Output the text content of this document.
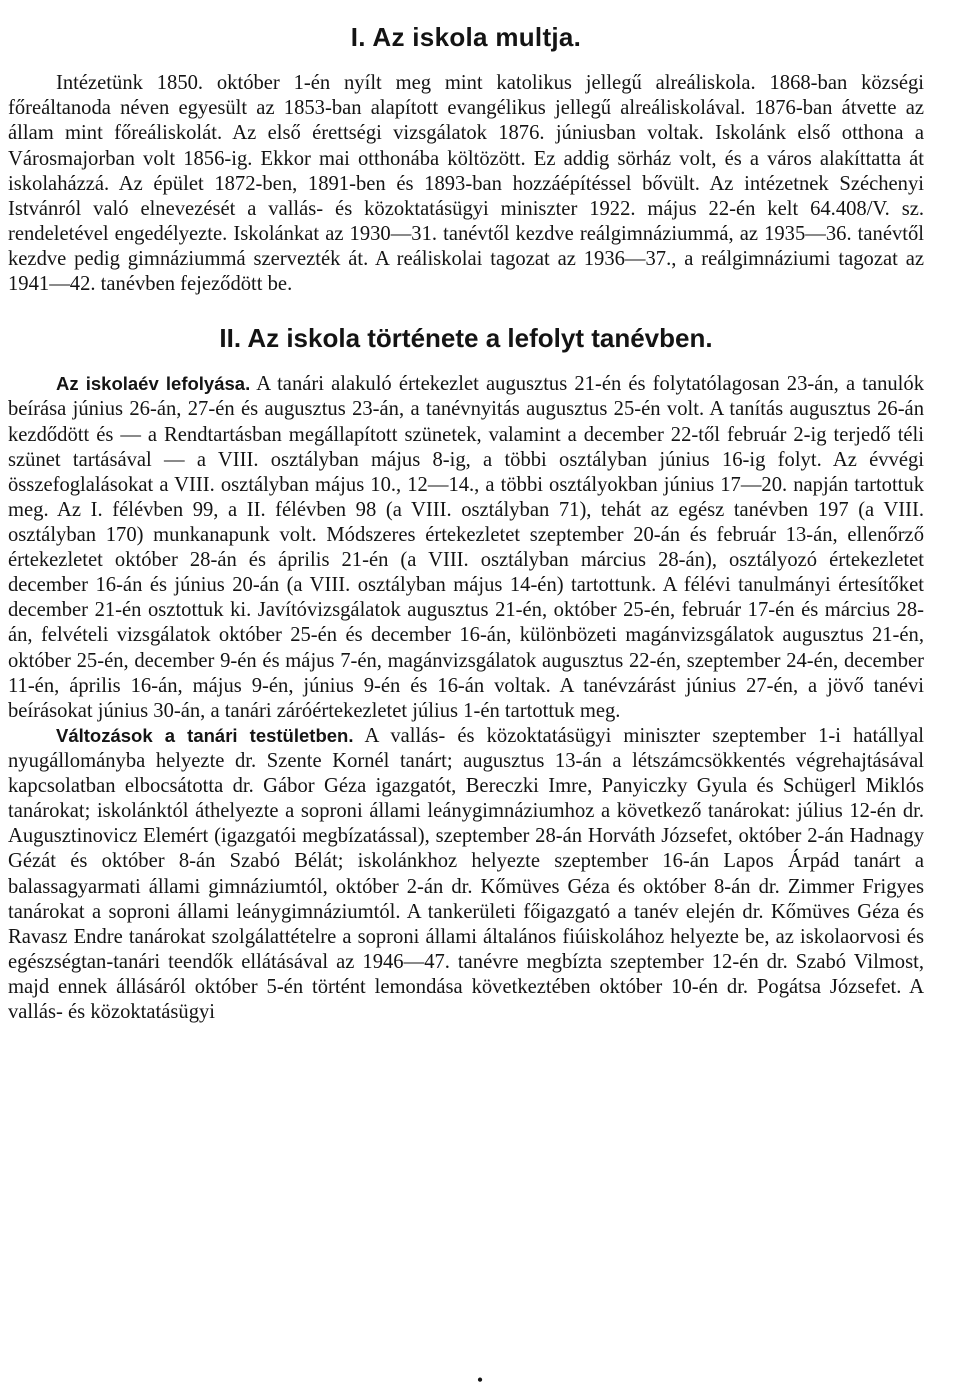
I. Az iskola multja.

Intézetünk 1850. október 1-én nyílt meg mint katolikus jellegű alreáliskola. 1868-ban községi főreáltanoda néven egyesült az 1853-ban alapított evangélikus jellegű alreáliskolával. 1876-ban átvette az állam mint főreáliskolát. Az első érettségi vizsgálatok 1876. júniusban voltak. Iskolánk első otthona a Városmajorban volt 1856-ig. Ekkor mai otthonába költözött. Ez addig sörház volt, és a város alakíttatta át iskolaházzá. Az épület 1872-ben, 1891-ben és 1893-ban hozzáépítéssel bővült. Az intézetnek Széchenyi Istvánról való elnevezését a vallás- és közoktatásügyi miniszter 1922. május 22-én kelt 64.408/V. sz. rendeletével engedélyezte. Iskolánkat az 1930—31. tanévtől kezdve reálgimnáziummá, az 1935—36. tanévtől kezdve pedig gimnáziummá szervezték át. A reáliskolai tagozat az 1936—37., a reálgimnáziumi tagozat az 1941—42. tanévben fejeződött be.

II. Az iskola története a lefolyt tanévben.

Az iskolaév lefolyása. A tanári alakuló értekezlet augusztus 21-én és folytatólagosan 23-án, a tanulók beírása június 26-án, 27-én és augusztus 23-án, a tanévnyitás augusztus 25-én volt. A tanítás augusztus 26-án kezdődött és — a Rendtartásban megállapított szünetek, valamint a december 22-től február 2-ig terjedő téli szünet tartásával — a VIII. osztályban május 8-ig, a többi osztályban június 16-ig folyt. Az évvégi összefoglalásokat a VIII. osztályban május 10., 12—14., a többi osztályokban június 17—20. napján tartottuk meg. Az I. félévben 99, a II. félévben 98 (a VIII. osztályban 71), tehát az egész tanévben 197 (a VIII. osztályban 170) munkanapunk volt. Módszeres értekezletet szeptember 20-án és február 13-án, ellenőrző értekezletet október 28-án és április 21-én (a VIII. osztályban március 28-án), osztályozó értekezletet december 16-án és június 20-án (a VIII. osztályban május 14-én) tartottunk. A félévi tanulmányi értesítőket december 21-én osztottuk ki. Javítóvizsgálatok augusztus 21-én, október 25-én, február 17-én és március 28-án, felvételi vizsgálatok október 25-én és december 16-án, különbözeti magánvizsgálatok augusztus 21-én, október 25-én, december 9-én és május 7-én, magánvizsgálatok augusztus 22-én, szeptember 24-én, december 11-én, április 16-án, május 9-én, június 9-én és 16-án voltak. A tanévzárást június 27-én, a jövő tanévi beírásokat június 30-án, a tanári záróértekezletet július 1-én tartottuk meg.

Változások a tanári testületben. A vallás- és közoktatásügyi miniszter szeptember 1-i hatállyal nyugállományba helyezte dr. Szente Kornél tanárt; augusztus 13-án a létszámcsökkentés végrehajtásával kapcsolatban elbocsátotta dr. Gábor Géza igazgatót, Bereczki Imre, Panyiczky Gyula és Schügerl Miklós tanárokat; iskolánktól áthelyezte a soproni állami leánygimnáziumhoz a következő tanárokat: július 12-én dr. Augusztinovicz Elemért (igazgatói megbízatással), szeptember 28-án Horváth Józsefet, október 2-án Hadnagy Gézát és október 8-án Szabó Bélát; iskolánkhoz helyezte szeptember 16-án Lapos Árpád tanárt a balassagyarmati állami gimnáziumtól, október 2-án dr. Kőmüves Géza és október 8-án dr. Zimmer Frigyes tanárokat a soproni állami leánygimnáziumtól. A tankerületi főigazgató a tanév elején dr. Kőmüves Géza és Ravasz Endre tanárokat szolgálattételre a soproni állami általános fiúiskolához helyezte be, az iskolaorvosi és egészségtan-tanári teendők ellátásával az 1946—47. tanévre megbízta szeptember 12-én dr. Szabó Vilmost, majd ennek állásáról október 5-én történt lemondása következtében október 10-én dr. Pogátsa Józsefet. A vallás- és közoktatásügyi

•
